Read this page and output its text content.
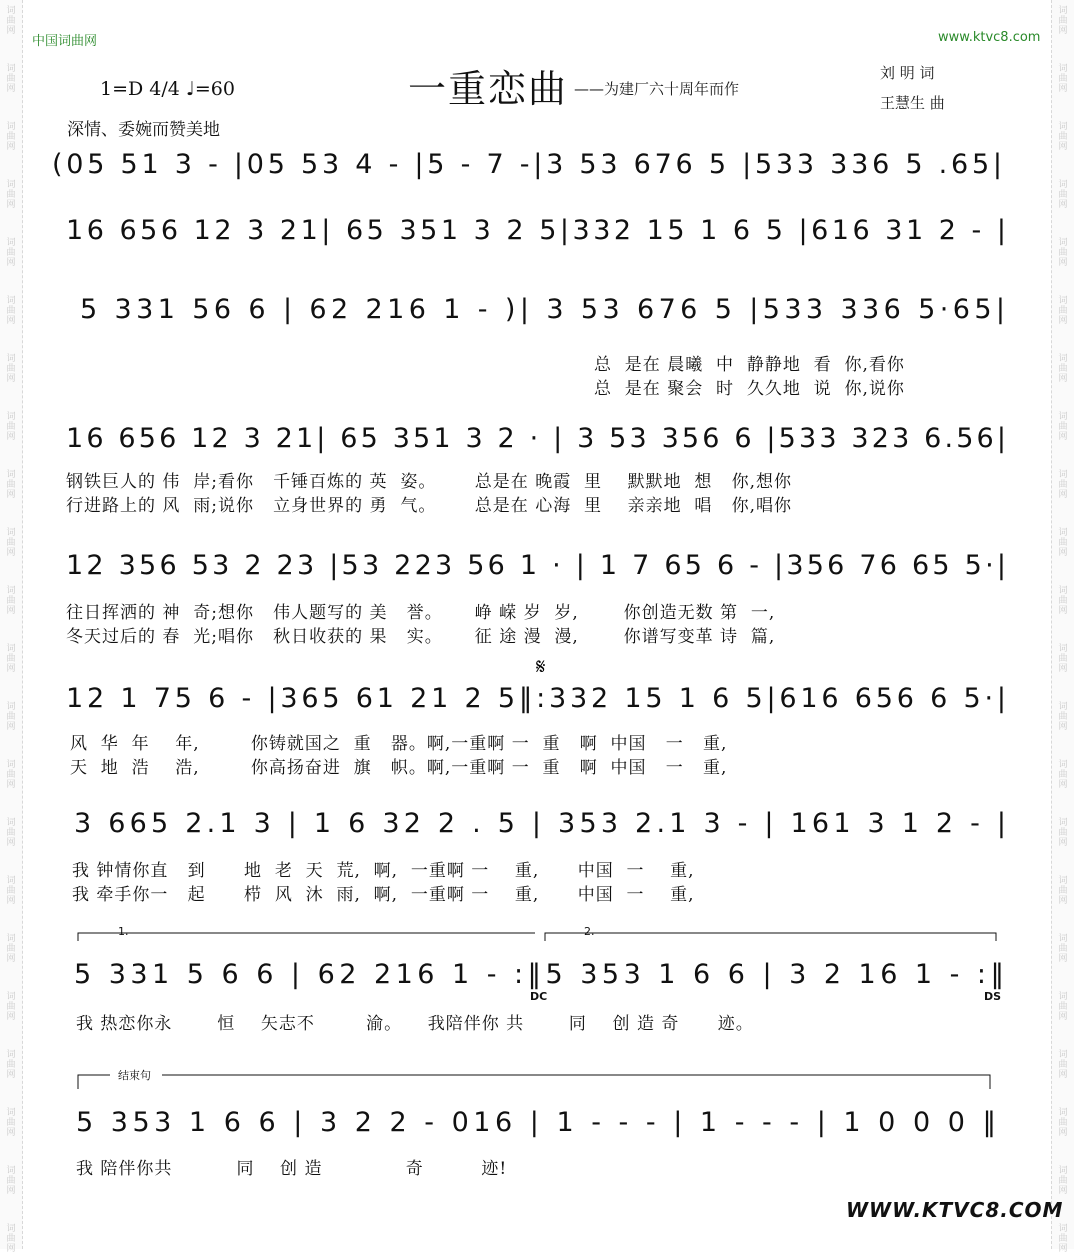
词
曲
网
词
曲
网
词
曲
网
词
曲
网
词
曲
网
词
曲
网
词
曲
网
词
曲
网
词
曲
网
词
曲
网
词
曲
网
词
曲
网
词
曲
网
词
曲
网
词
曲
网
词
曲
网
词
曲
网
词
曲
网
词
曲
网
词
曲
网
词
曲
网
词
曲
网
词
曲
网
词
曲
网
词
曲
网
词
曲
网
词
曲
网
词
曲
网
词
曲
网
词
曲
网
词
曲
网
词
曲
网
词
曲
网
词
曲
网
词
曲
网
词
曲
网
词
曲
网
词
曲
网
词
曲
网
词
曲
网
词
曲
网
词
曲
网
词
曲
网
词
曲
网
中国词曲网	www.ktvc8.com
一重恋曲 ——为建厂六十周年而作
1=D 4/4 ♩=60
刘 明 词
王慧生 曲
深情、委婉而赞美地
(05 51 3 - |05 53 4 - |5 - 7 -|3 53 676 5 |533 336 5 .65|
16 656 12 3 21| 65 351 3 2 5|332 15 1 6 5 |616 31 2 - |
5 331 56 6 | 62 216 1 - )| 3 53 676 5 |533 336 5·65|
总  是在 晨曦  中  静静地  看  你,看你
总  是在 聚会  时  久久地  说  你,说你
16 656 12 3 21| 65 351 3 2 · | 3 53 356 6 |533 323 6.56|
钢铁巨人的 伟  岸;看你   千锤百炼的 英  姿。      总是在 晚霞  里    默默地  想   你,想你
行进路上的 风  雨;说你   立身世界的 勇  气。      总是在 心海  里    亲亲地  唱   你,唱你
12 356 53 2 23 |53 223 56 1 · | 1 7 65 6 - |356 76 65 5·|
往日挥洒的 神  奇;想你   伟人题写的 美   誉。     峥 嵘 岁  岁,       你创造无数 第  一,
冬天过后的 春  光;唱你   秋日收获的 果   实。     征 途 漫  漫,       你谱写变革 诗  篇,
𝄋
12 1 75 6 - |365 61 21 2 5‖:332 15 1 6 5|616 656 6 5·|
风  华  年    年,        你铸就国之  重   器。啊,一重啊 一  重   啊  中国   一   重,
天  地  浩    浩,        你高扬奋进  旗   帜。啊,一重啊 一  重   啊  中国   一   重,
3 665 2.1 3 | 1 6 32 2 . 5 | 353 2.1 3 - | 161 3 1 2 - |
我 钟情你直   到      地  老  天  荒,  啊,  一重啊 一    重,      中国  一    重,
我 牵手你一   起      栉  风  沐  雨,  啊,  一重啊 一    重,      中国  一    重,
1.	2.
5 331 5 6 6 | 62 216 1 - :‖5 353 1 6 6 | 3 2 16 1 - :‖
DC	DS
我 热恋你永       恒    矢志不        渝。    我陪伴你 共       同    创 造 奇      迹。
结束句
5 353 1 6 6 | 3 2 2 - 016 | 1 - - - | 1 - - - | 1 0 0 0 ‖
我 陪伴你共          同    创 造             奇         迹!
WWW.KTVC8.COM
